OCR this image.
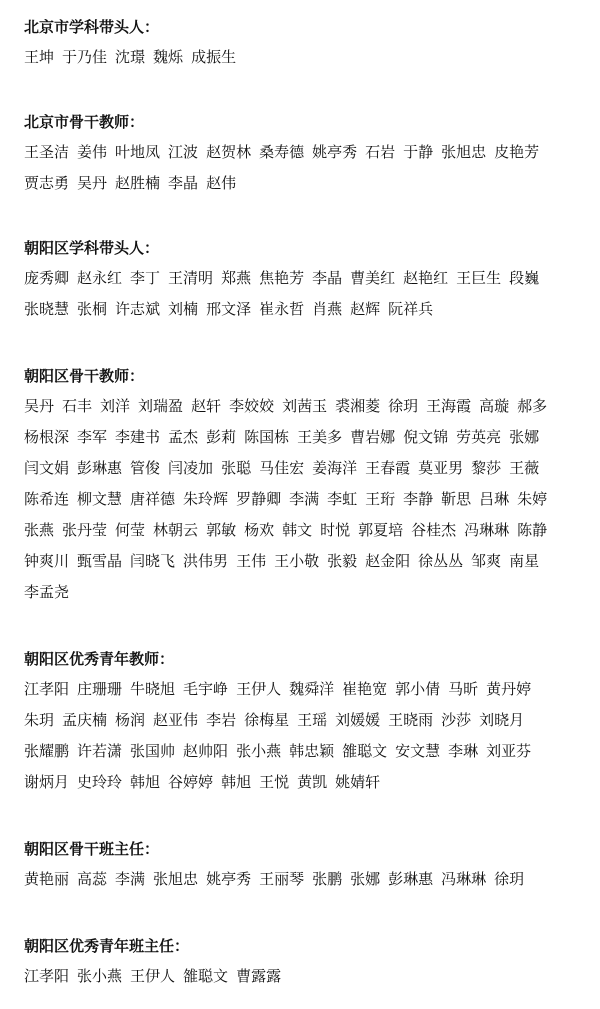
北京市学科带头人：
王坤 于乃佳 沈璟 魏烁 成振生
北京市骨干教师：
王圣洁 姜伟 叶地凤 江波 赵贺林 桑寿德 姚亭秀 石岩 于静 张旭忠 皮艳芳
贾志勇 吴丹 赵胜楠 李晶 赵伟
朝阳区学科带头人：
庞秀卿 赵永红 李丁 王清明 郑燕 焦艳芳 李晶 曹美红 赵艳红 王巨生 段巍
张晓慧 张桐 许志斌 刘楠 邢文泽 崔永哲 肖燕 赵辉 阮祥兵
朝阳区骨干教师：
吴丹 石丰 刘洋 刘瑞盈 赵轩 李姣姣 刘茜玉 裘湘菱 徐玥 王海霞 高璇 郝多
杨根深 李军 李建书 孟杰 彭莉 陈国栋 王美多 曹岩娜 倪文锦 劳英亮 张娜
闫文娟 彭琳惠 管俊 闫凌加 张聪 马佳宏 姜海洋 王春霞 莫亚男 黎莎 王薇
陈希连 柳文慧 唐祥德 朱玲辉 罗静卿 李满 李虹 王珩 李静 靳思 吕琳 朱婷
张燕 张丹莹 何莹 林朝云 郭敏 杨欢 韩文 时悦 郭夏培 谷桂杰 冯琳琳 陈静
钟爽川 甄雪晶 闫晓飞 洪伟男 王伟 王小敬 张毅 赵金阳 徐丛丛 邹爽 南星
李孟尧
朝阳区优秀青年教师：
江孝阳 庄珊珊 牛晓旭 毛宇峥 王伊人 魏舜洋 崔艳宽 郭小倩 马昕 黄丹婷
朱玥 孟庆楠 杨润 赵亚伟 李岩 徐梅星 王瑶 刘媛媛 王晓雨 沙莎 刘晓月
张耀鹏 许若潇 张国帅 赵帅阳 张小燕 韩忠颖 雒聪文 安文慧 李琳 刘亚芬
谢炳月 史玲玲 韩旭 谷婷婷 韩旭 王悦 黄凯 姚婧轩
朝阳区骨干班主任：
黄艳丽 高蕊 李满 张旭忠 姚亭秀 王丽琴 张鹏 张娜 彭琳惠 冯琳琳 徐玥
朝阳区优秀青年班主任：
江孝阳 张小燕 王伊人 雒聪文 曹露露
